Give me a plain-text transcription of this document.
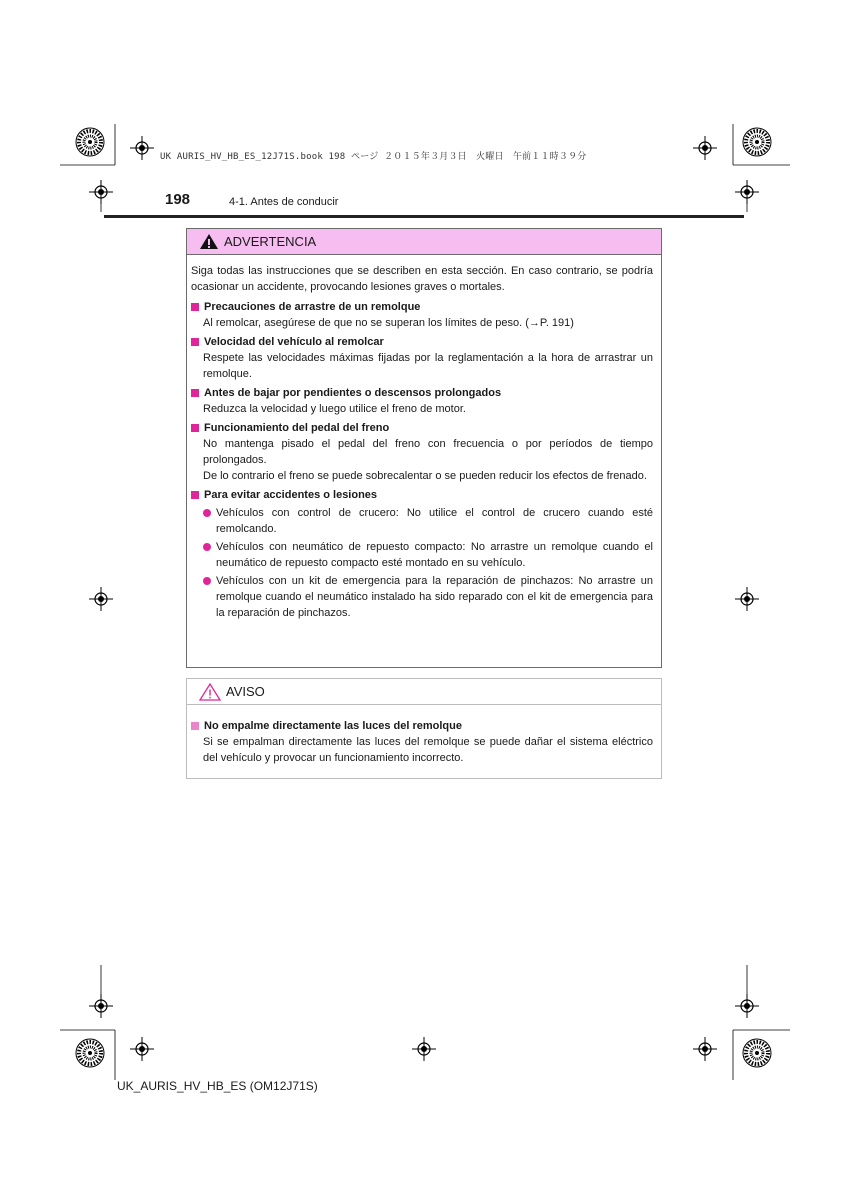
UK AURIS_HV_HB_ES_12J71S.book 198 ページ ２０１５年３月３日　火曜日　午前１１時３９分
198	4-1. Antes de conducir
ADVERTENCIA
Siga todas las instrucciones que se describen en esta sección. En caso contrario, se podría ocasionar un accidente, provocando lesiones graves o mortales.
Precauciones de arrastre de un remolque
Al remolcar, asegúrese de que no se superan los límites de peso. (→P. 191)
Velocidad del vehículo al remolcar
Respete las velocidades máximas fijadas por la reglamentación a la hora de arrastrar un remolque.
Antes de bajar por pendientes o descensos prolongados
Reduzca la velocidad y luego utilice el freno de motor.
Funcionamiento del pedal del freno
No mantenga pisado el pedal del freno con frecuencia o por períodos de tiempo prolongados.
De lo contrario el freno se puede sobrecalentar o se pueden reducir los efectos de frenado.
Para evitar accidentes o lesiones
Vehículos con control de crucero: No utilice el control de crucero cuando esté remolcando.
Vehículos con neumático de repuesto compacto: No arrastre un remolque cuando el neumático de repuesto compacto esté montado en su vehículo.
Vehículos con un kit de emergencia para la reparación de pinchazos: No arrastre un remolque cuando el neumático instalado ha sido reparado con el kit de emergencia para la reparación de pinchazos.
AVISO
No empalme directamente las luces del remolque
Si se empalman directamente las luces del remolque se puede dañar el sistema eléctrico del vehículo y provocar un funcionamiento incorrecto.
UK_AURIS_HV_HB_ES (OM12J71S)
